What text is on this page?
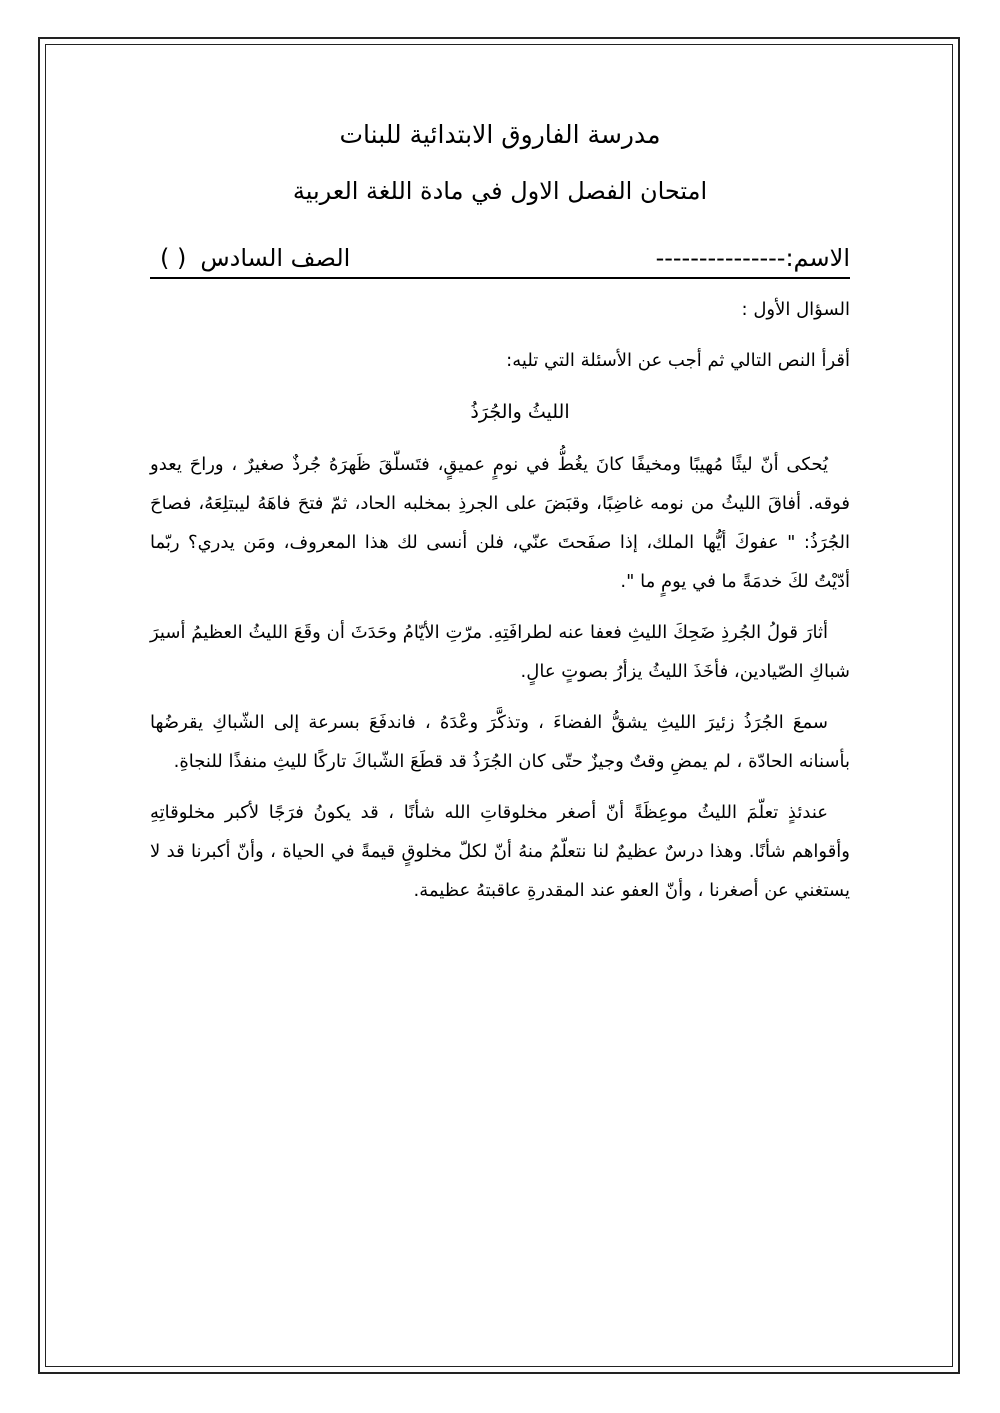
مدرسة الفاروق الابتدائية للبنات
امتحان الفصل الاول في مادة اللغة العربية
الاسم:---------------
الصف السادس
( )
السؤال الأول :
أقرأ النص التالي ثم أجب عن الأسئلة التي تليه:
الليثُ والجُرَذُ

يُحكى أنّ ليثًا مُهيبًا ومخيفًا كانَ يغُطُّ في نومٍ عميقٍ، فتَسلّقَ ظَهرَهُ جُرذٌ صغيرٌ ، وراحَ يعدو فوقه. أفاقَ الليثُ من نومه غاضِبًا، وقبَضَ على الجرذِ بمخلبه الحاد، ثمّ فتحَ فاهَهُ ليبتلِعَهُ، فصاحَ الجُرَذُ: " عفوكَ أيُّها الملك، إذا صفَحتَ عنّي، فلن أنسى لك هذا المعروف، ومَن يدري؟ ربّما أدّيْتُ لكَ خدمَةً ما في يومٍ ما ".

أثارَ قولُ الجُرذِ ضَحِكَ الليثِ فعفا عنه لطرافَتِهِ. مرّتِ الأيّامُ وحَدَثَ أن وقَعَ الليثُ العظيمُ أسيرَ شباكِ الصّيادين، فأخَذَ الليثُ يزأرُ بصوتٍ عالٍ.

سمعَ الجُرَذُ زئيرَ الليثِ يشقُّ الفضاءَ ، وتذكَّرَ وعْدَهُ ، فاندفَعَ بسرعة إلى الشّباكِ يقرضُها بأسنانه الحادّة ، لم يمضِ وقتٌ وجيزٌ حتّى كان الجُرَذُ قد قطَعَ الشّباكَ تاركًا لليثِ منفذًا للنجاةِ.

عندئذٍ تعلّمَ الليثُ موعِظَةً أنّ أصغر مخلوقاتِ الله شأنًا ، قد يكونُ فرَجًا لأكبر مخلوقاتِهِ وأقواهم شأنًا. وهذا درسٌ عظيمٌ لنا نتعلّمُ منهُ أنّ لكلّ مخلوقٍ قيمةً في الحياة ، وأنّ أكبرنا قد لا يستغني عن أصغرنا ، وأنّ العفو عند المقدرةِ عاقبتهُ عظيمة.
